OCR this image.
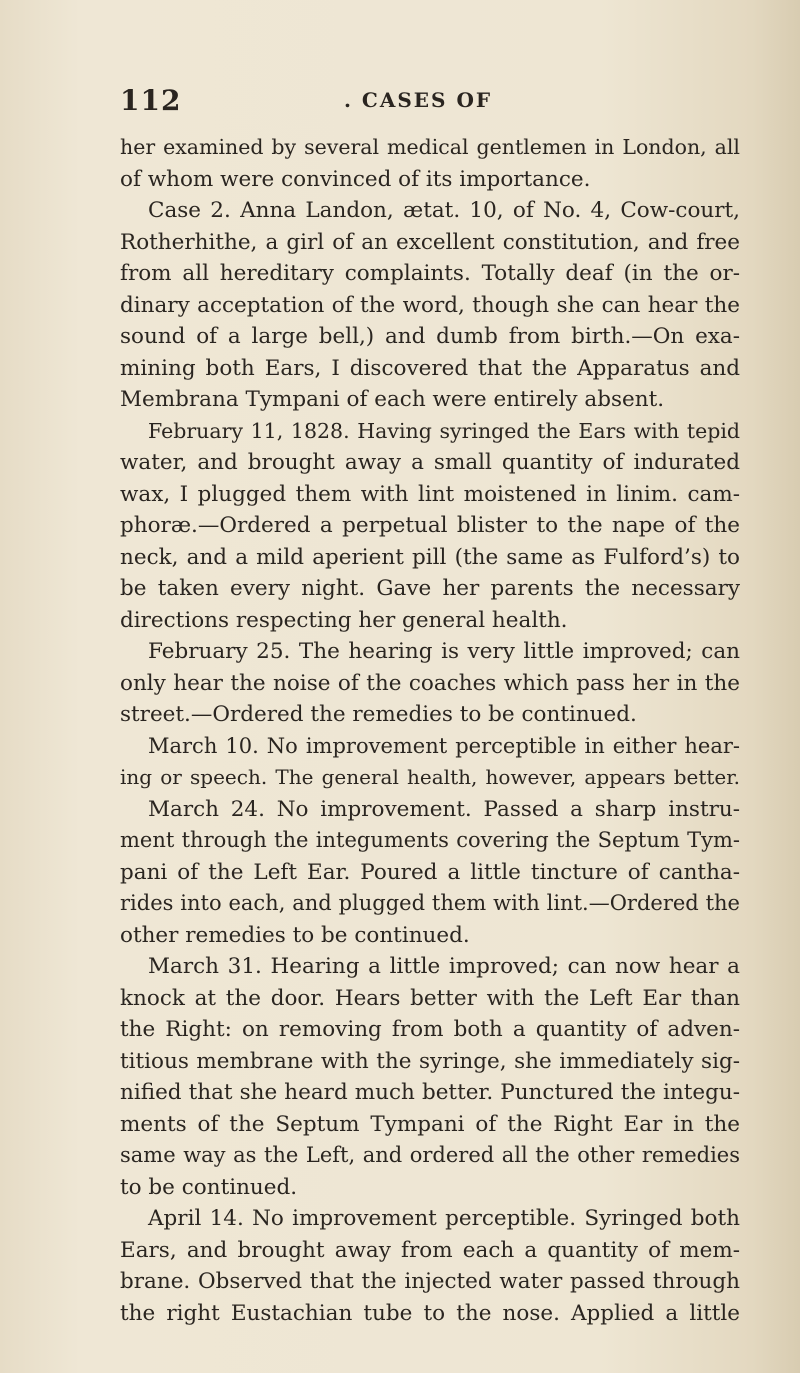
112	. CASES OF
her examined by several medical gentlemen in London, all
of whom were convinced of its importance.
Case 2. Anna Landon, ætat. 10, of No. 4, Cow-court,
Rotherhithe, a girl of an excellent constitution, and free
from all hereditary complaints. Totally deaf (in the or-
dinary acceptation of the word, though she can hear the
sound of a large bell,) and dumb from birth.—On exa-
mining both Ears, I discovered that the Apparatus and
Membrana Tympani of each were entirely absent.
February 11, 1828. Having syringed the Ears with tepid
water, and brought away a small quantity of indurated
wax, I plugged them with lint moistened in linim. cam-
phoræ.—Ordered a perpetual blister to the nape of the
neck, and a mild aperient pill (the same as Fulford’s) to
be taken every night. Gave her parents the necessary
directions respecting her general health.
February 25. The hearing is very little improved; can
only hear the noise of the coaches which pass her in the
street.—Ordered the remedies to be continued.
March 10. No improvement perceptible in either hear-
ing or speech. The general health, however, appears better.
March 24. No improvement. Passed a sharp instru-
ment through the integuments covering the Septum Tym-
pani of the Left Ear. Poured a little tincture of cantha-
rides into each, and plugged them with lint.—Ordered the
other remedies to be continued.
March 31. Hearing a little improved; can now hear a
knock at the door. Hears better with the Left Ear than
the Right: on removing from both a quantity of adven-
titious membrane with the syringe, she immediately sig-
nified that she heard much better. Punctured the integu-
ments of the Septum Tympani of the Right Ear in the
same way as the Left, and ordered all the other remedies
to be continued.
April 14. No improvement perceptible. Syringed both
Ears, and brought away from each a quantity of mem-
brane. Observed that the injected water passed through
the right Eustachian tube to the nose. Applied a little
